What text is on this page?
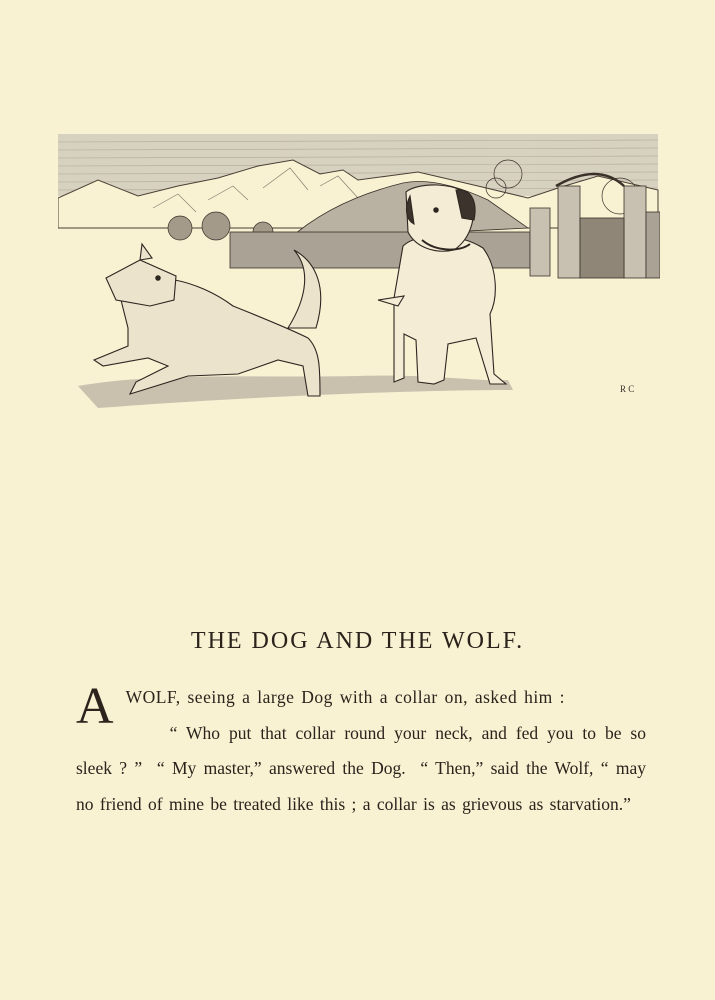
R C
THE DOG AND THE WOLF.
A WOLF, seeing a large Dog with a collar on, asked him :
“ Who put that collar round your neck, and fed you to be so sleek ? ”  “ My master,” answered the Dog.  “ Then,” said the Wolf, “ may no friend of mine be treated like this ; a collar is as grievous as starvation.”
